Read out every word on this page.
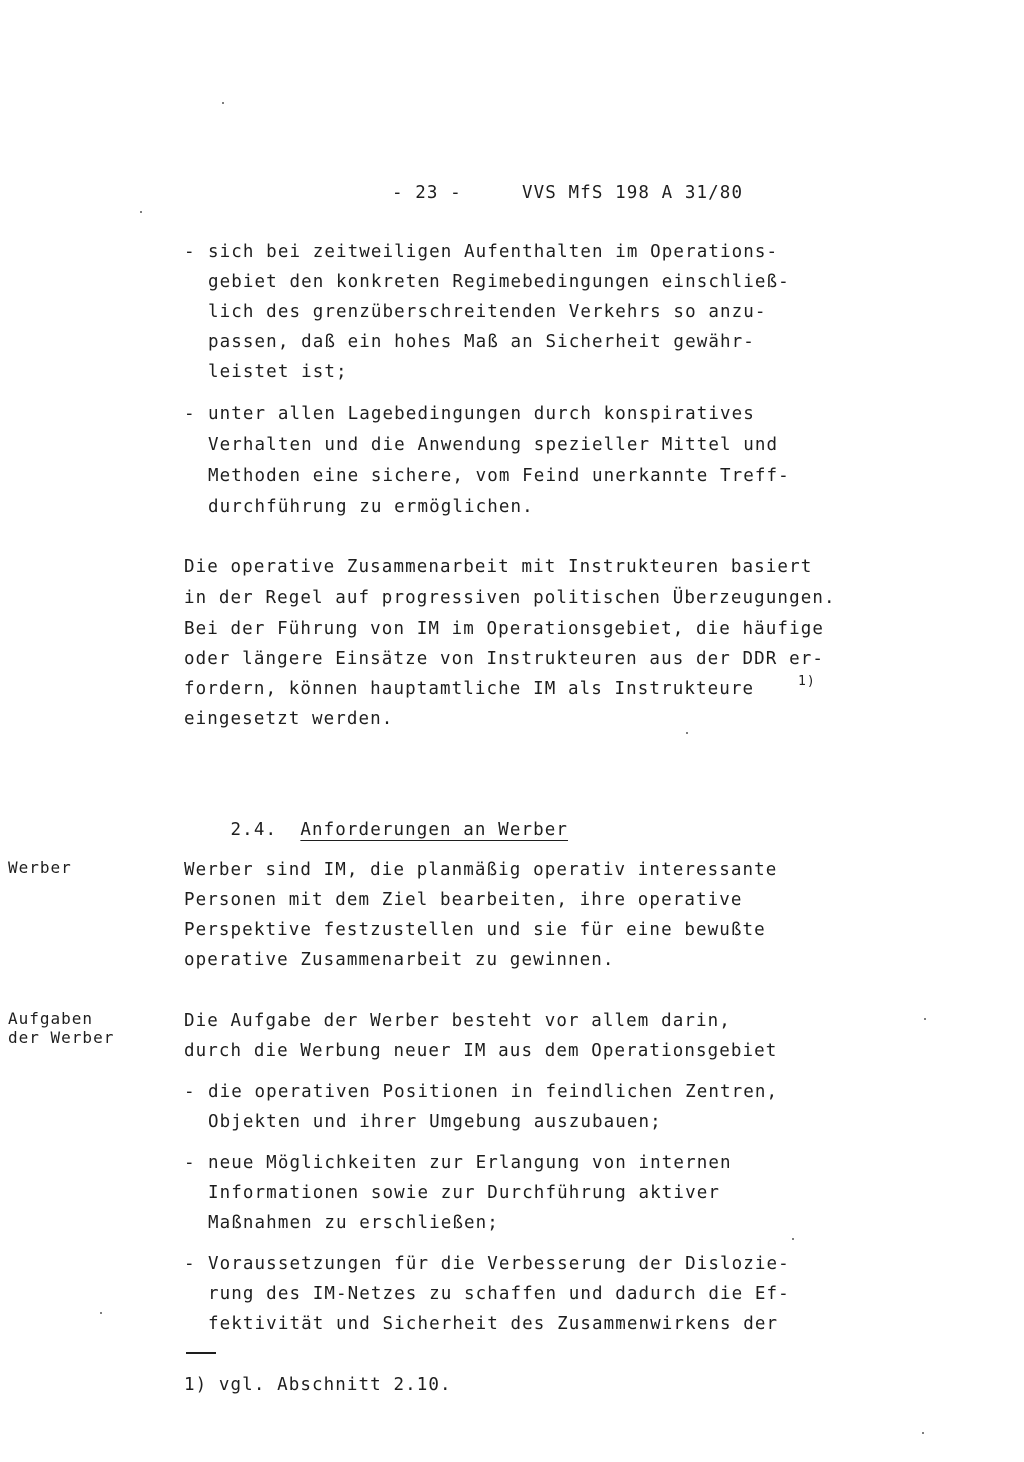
- 23 -	VVS MfS 198 A 31/80
- sich bei zeitweiligen Aufenthalten im Operations-
gebiet den konkreten Regimebedingungen einschließ-
lich des grenzüberschreitenden Verkehrs so anzu-
passen, daß ein hohes Maß an Sicherheit gewähr-
leistet ist;
- unter allen Lagebedingungen durch konspiratives
Verhalten und die Anwendung spezieller Mittel und
Methoden eine sichere, vom Feind unerkannte Treff-
durchführung zu ermöglichen.
Die operative Zusammenarbeit mit Instrukteuren basiert
in der Regel auf progressiven politischen Überzeugungen.
Bei der Führung von IM im Operationsgebiet, die häufige
oder längere Einsätze von Instrukteuren aus der DDR er-
fordern, können hauptamtliche IM als Instrukteure	1)
eingesetzt werden.

2.4. Anforderungen an Werber

Werber
Aufgaben
der Werber
Werber sind IM, die planmäßig operativ interessante
Personen mit dem Ziel bearbeiten, ihre operative
Perspektive festzustellen und sie für eine bewußte
operative Zusammenarbeit zu gewinnen.
Die Aufgabe der Werber besteht vor allem darin,
durch die Werbung neuer IM aus dem Operationsgebiet
- die operativen Positionen in feindlichen Zentren,
Objekten und ihrer Umgebung auszubauen;
- neue Möglichkeiten zur Erlangung von internen
Informationen sowie zur Durchführung aktiver
Maßnahmen zu erschließen;
- Voraussetzungen für die Verbesserung der Dislozie-
rung des IM-Netzes zu schaffen und dadurch die Ef-
fektivität und Sicherheit des Zusammenwirkens der
1) vgl. Abschnitt 2.10.
